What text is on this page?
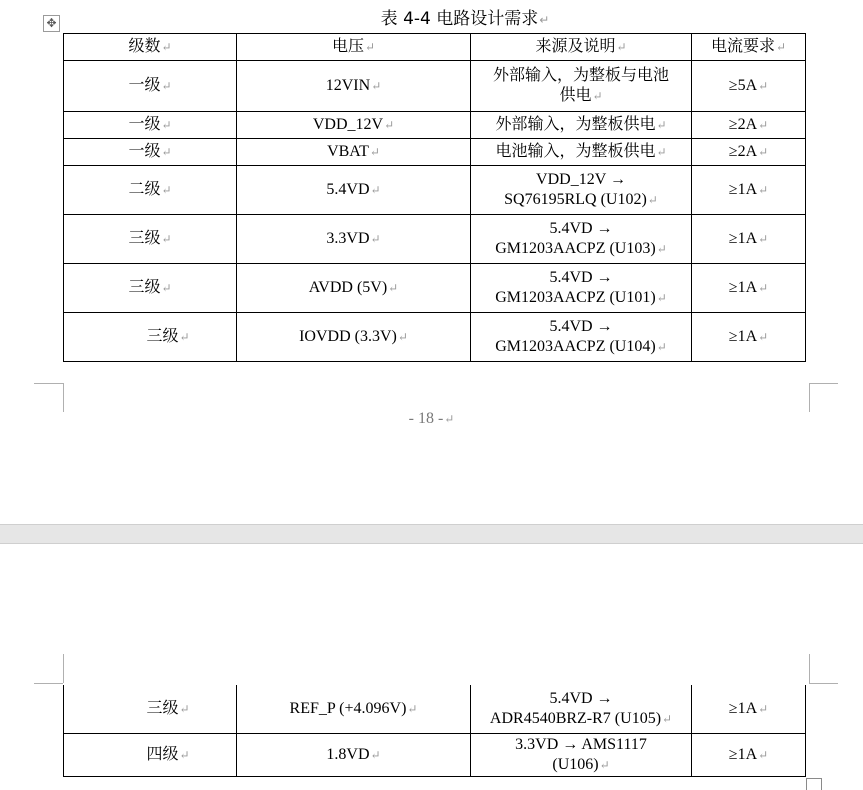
✥	表 4-4 电路设计需求↵
级数↵	电压↵	来源及说明↵	电流要求↵
一级↵	12VIN↵	外部输入，为整板与电池
供电↵	≥5A↵
一级↵	VDD_12V↵	外部输入，为整板供电↵	≥2A↵
一级↵	VBAT↵	电池输入，为整板供电↵	≥2A↵
二级↵	5.4VD↵	VDD_12V →
SQ76195RLQ (U102)↵	≥1A↵
三级↵	3.3VD↵	5.4VD →
GM1203AACPZ (U103)↵	≥1A↵
三级↵	AVDD (5V)↵	5.4VD →
GM1203AACPZ (U101)↵	≥1A↵
三级↵	IOVDD (3.3V)↵	5.4VD →
GM1203AACPZ (U104)↵	≥1A↵
- 18 -↵
三级↵	REF_P (+4.096V)↵	5.4VD →
ADR4540BRZ-R7 (U105)↵	≥1A↵
四级↵	1.8VD↵	3.3VD → AMS1117
(U106)↵	≥1A↵
